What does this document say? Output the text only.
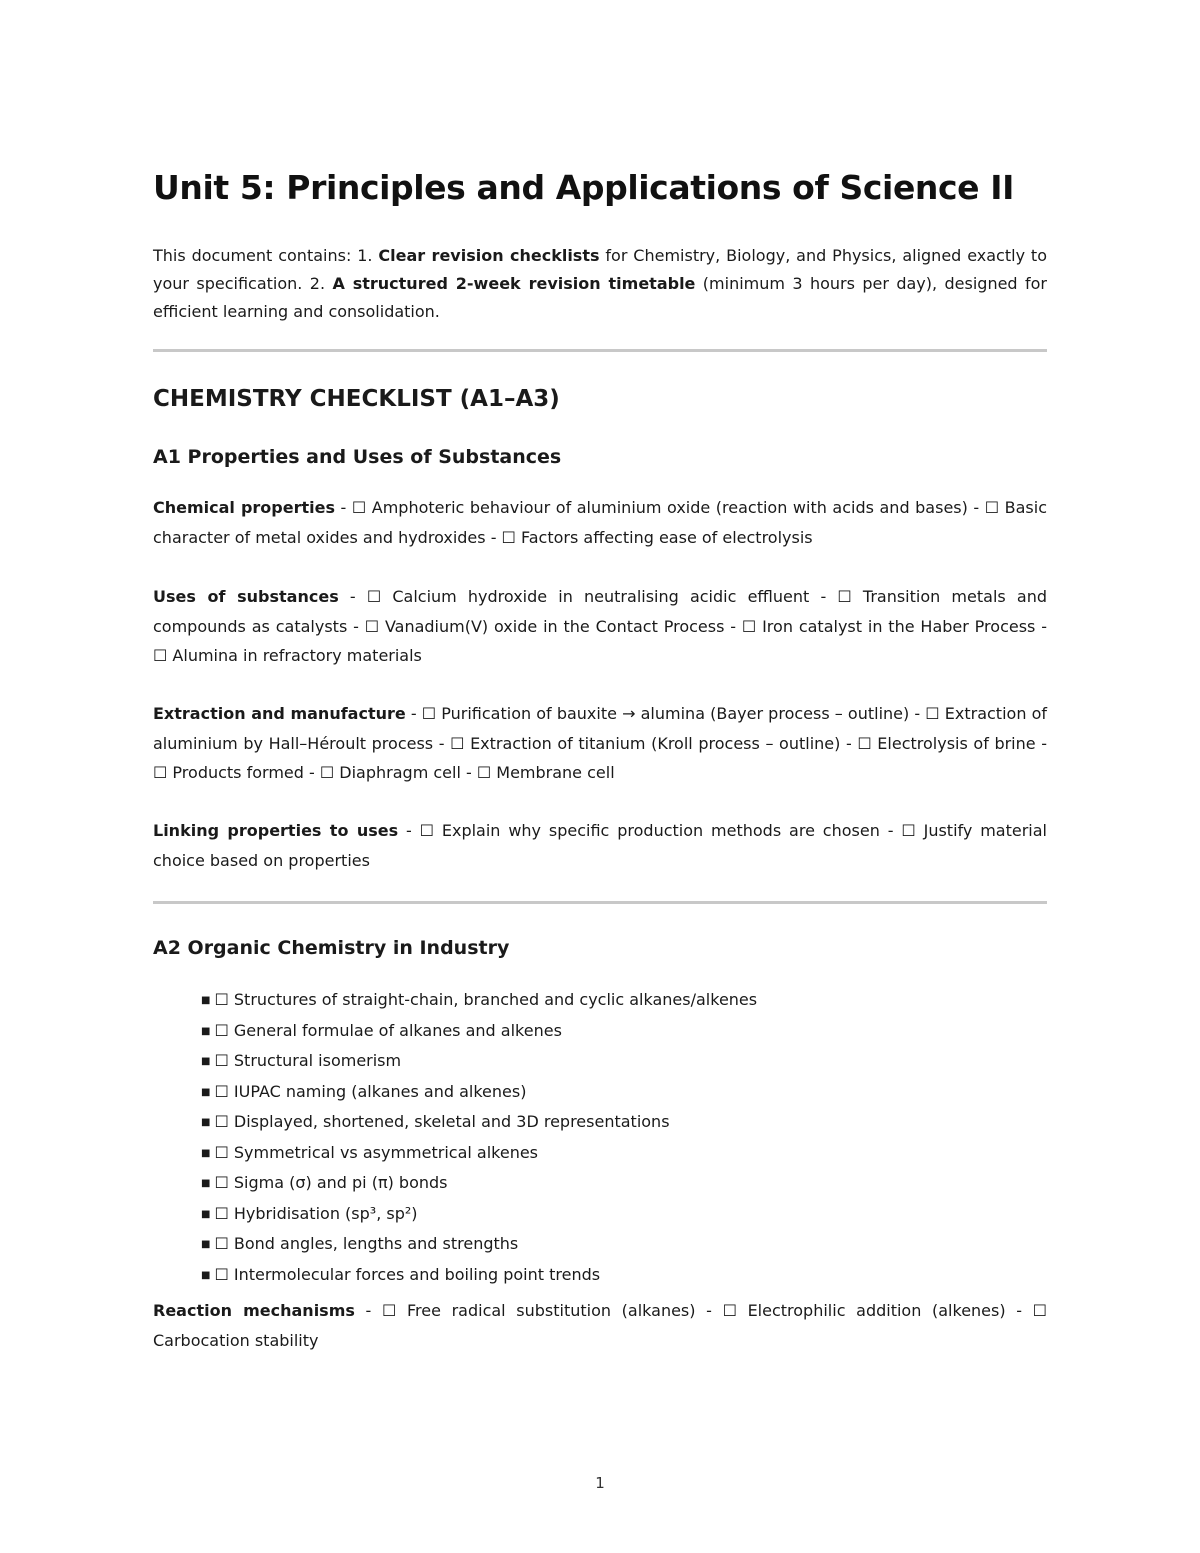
Unit 5: Principles and Applications of Science II

This document contains: 1. Clear revision checklists for Chemistry, Biology, and Physics, aligned exactly to your specification. 2. A structured 2-week revision timetable (minimum 3 hours per day), designed for efficient learning and consolidation.

CHEMISTRY CHECKLIST (A1–A3)
A1 Properties and Uses of Substances

Chemical properties - ☐ Amphoteric behaviour of aluminium oxide (reaction with acids and bases) - ☐ Basic character of metal oxides and hydroxides - ☐ Factors affecting ease of electrolysis

Uses of substances - ☐ Calcium hydroxide in neutralising acidic effluent - ☐ Transition metals and compounds as catalysts - ☐ Vanadium(V) oxide in the Contact Process - ☐ Iron catalyst in the Haber Process - ☐ Alumina in refractory materials

Extraction and manufacture - ☐ Purification of bauxite → alumina (Bayer process – outline) - ☐ Extraction of aluminium by Hall–Héroult process - ☐ Extraction of titanium (Kroll process – outline) - ☐ Electrolysis of brine - ☐ Products formed - ☐ Diaphragm cell - ☐ Membrane cell

Linking properties to uses - ☐ Explain why specific production methods are chosen - ☐ Justify material choice based on properties

A2 Organic Chemistry in Industry
■ ☐ Structures of straight-chain, branched and cyclic alkanes/alkenes
■ ☐ General formulae of alkanes and alkenes
■ ☐ Structural isomerism
■ ☐ IUPAC naming (alkanes and alkenes)
■ ☐ Displayed, shortened, skeletal and 3D representations
■ ☐ Symmetrical vs asymmetrical alkenes
■ ☐ Sigma (σ) and pi (π) bonds
■ ☐ Hybridisation (sp³, sp²)
■ ☐ Bond angles, lengths and strengths
■ ☐ Intermolecular forces and boiling point trends

Reaction mechanisms - ☐ Free radical substitution (alkanes) - ☐ Electrophilic addition (alkenes) - ☐ Carbocation stability

1
